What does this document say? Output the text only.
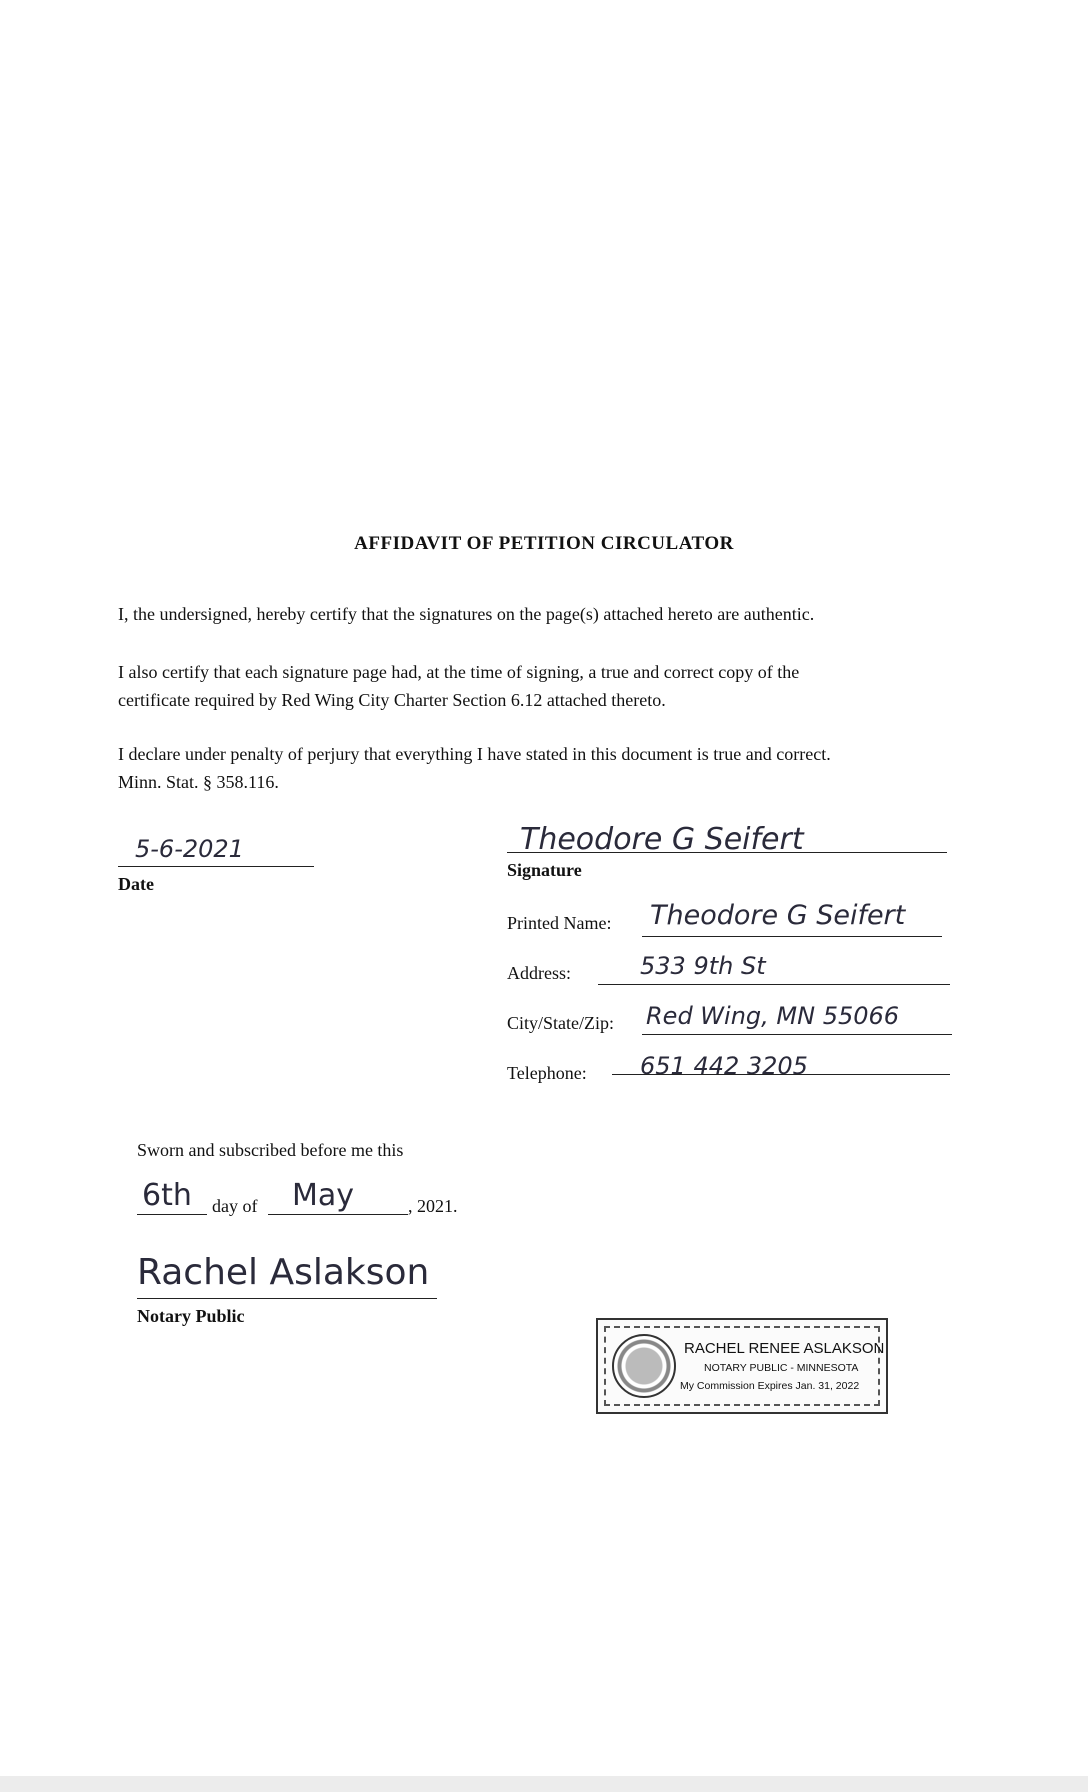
AFFIDAVIT OF PETITION CIRCULATOR
I, the undersigned, hereby certify that the signatures on the page(s) attached hereto are authentic.
I also certify that each signature page had, at the time of signing, a true and correct copy of the
certificate required by Red Wing City Charter Section 6.12 attached thereto.
I declare under penalty of perjury that everything I have stated in this document is true and correct.
Minn. Stat. § 358.116.
5-6-2021
Date
Theodore G Seifert
Signature
Printed Name: Theodore G Seifert
Address:	533 9th St
City/State/Zip: Red Wing, MN 55066
Telephone: 651 442 3205
Sworn and subscribed before me this
6th day of May	, 2021.
Rachel Aslakson
Notary Public
RACHEL RENEE ASLAKSON
NOTARY PUBLIC - MINNESOTA
My Commission Expires Jan. 31, 2022
